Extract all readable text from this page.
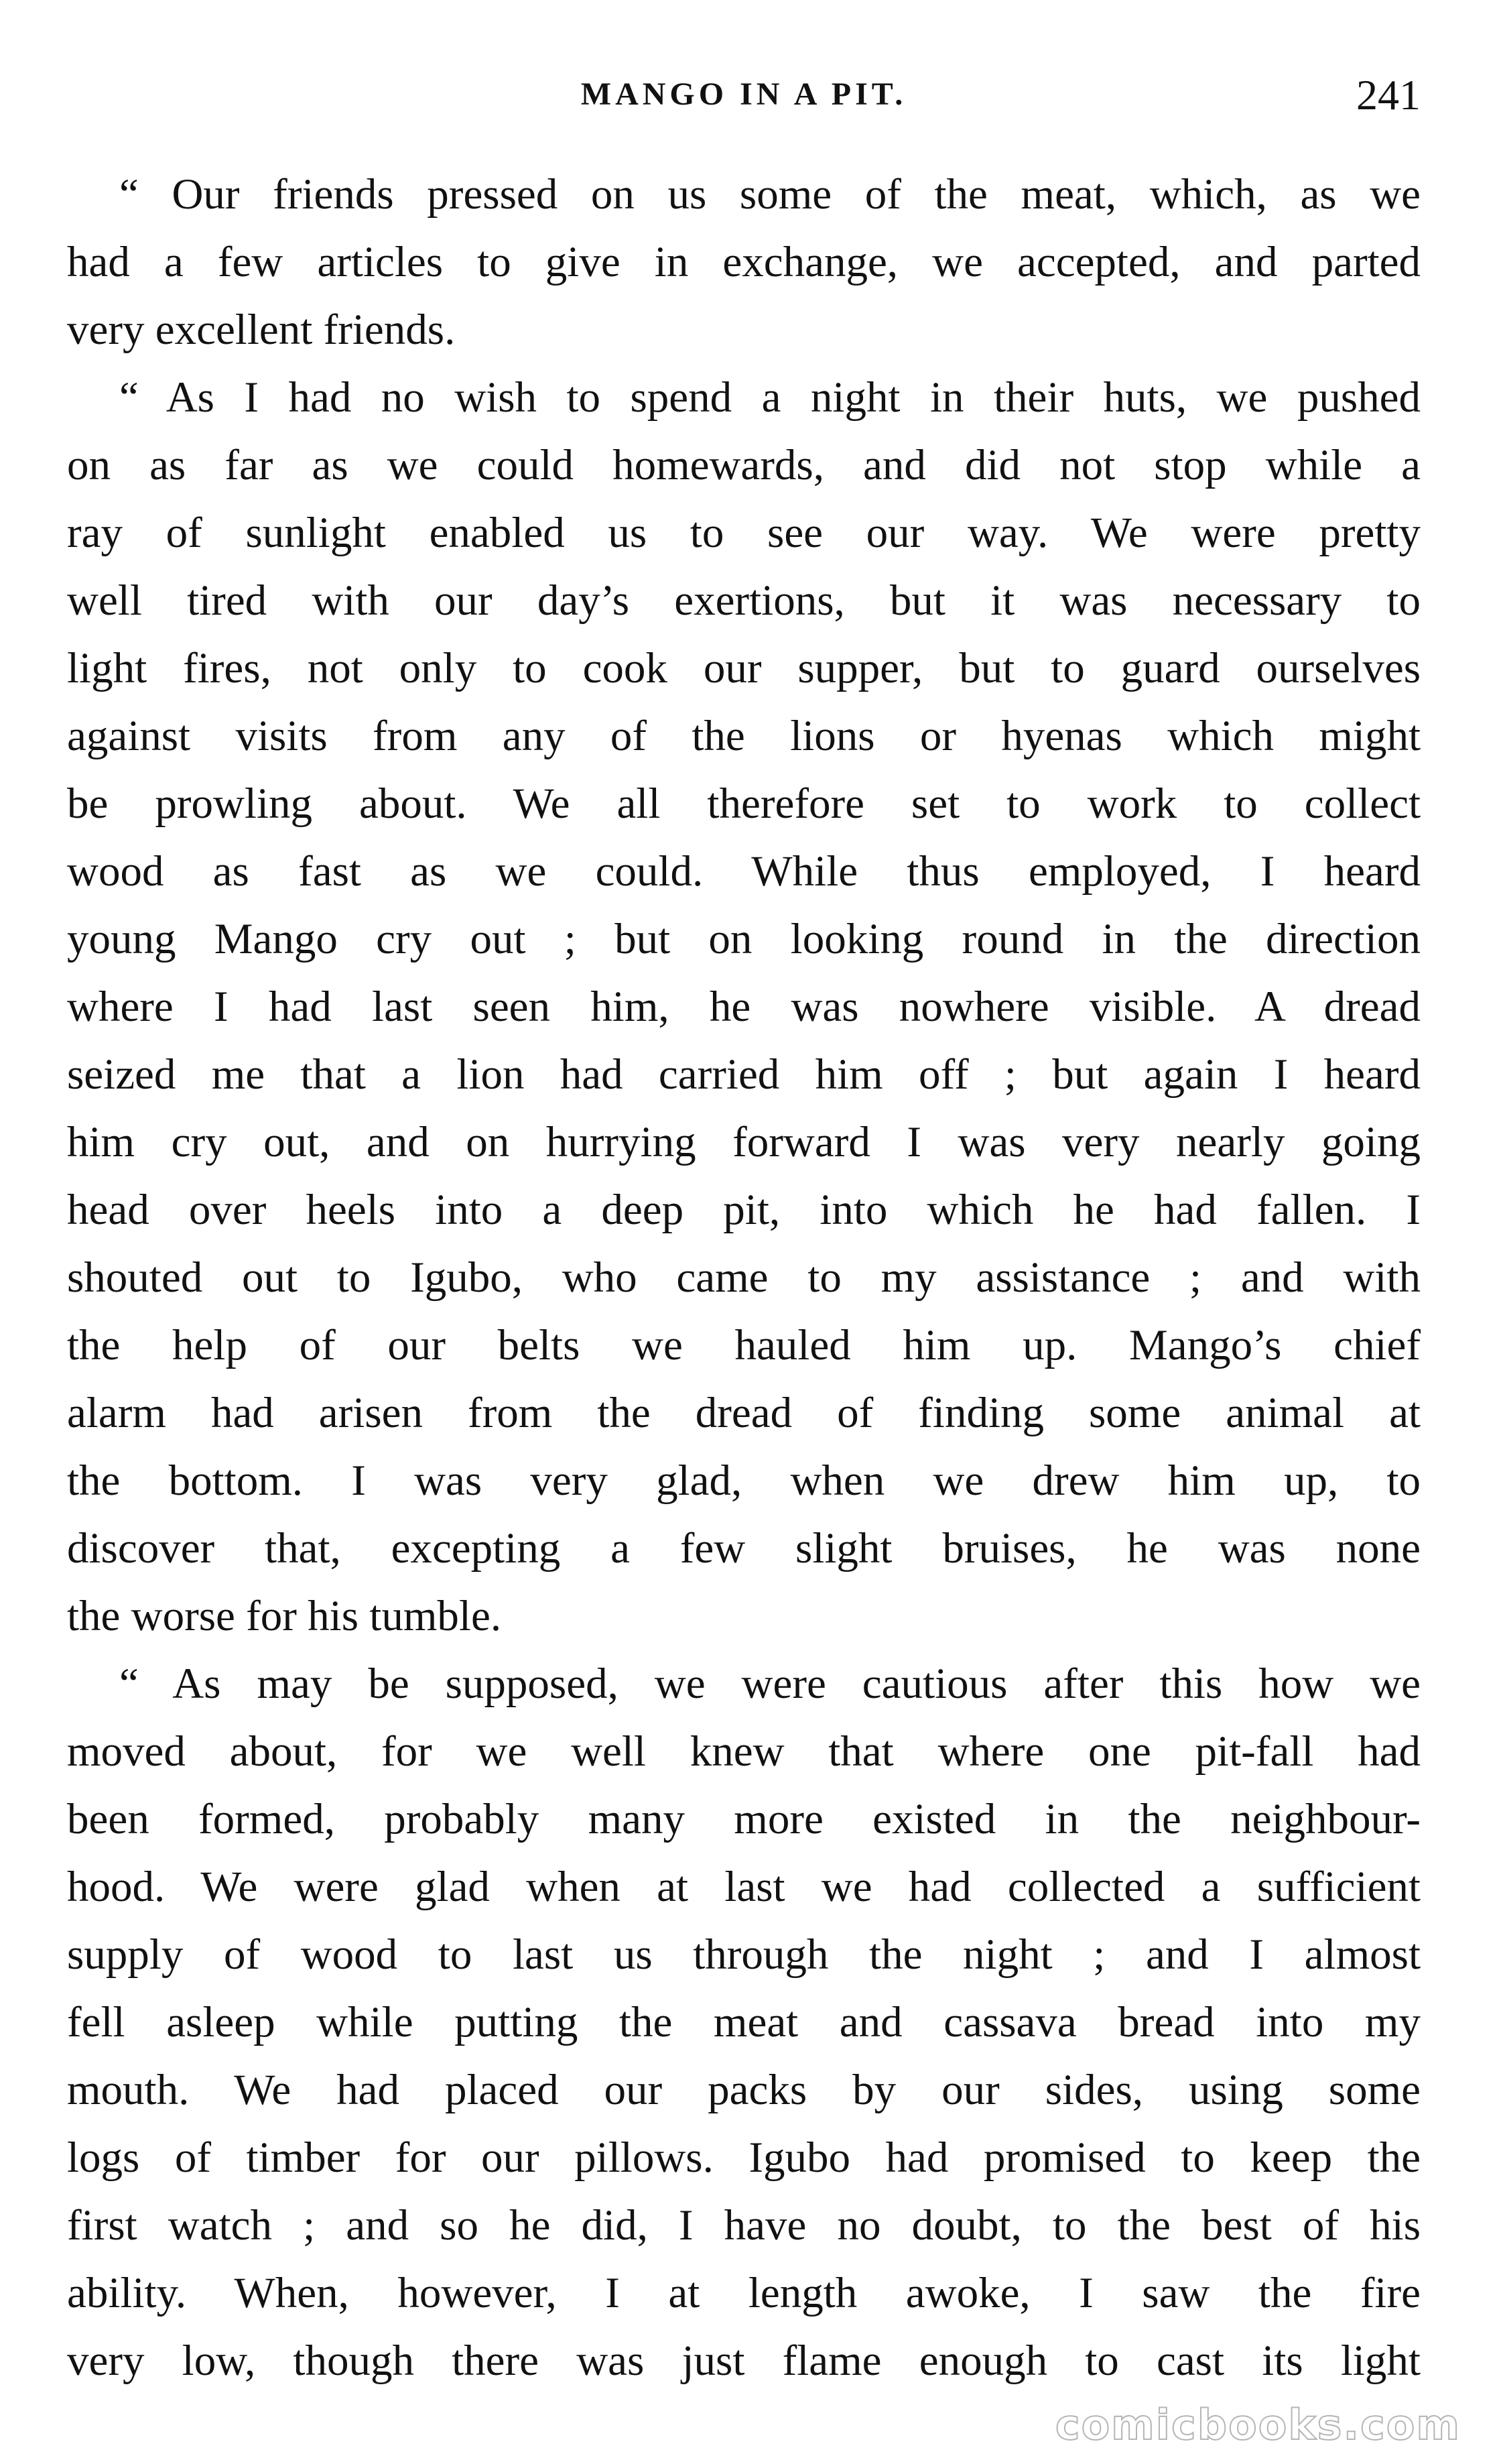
MANGO IN A PIT.	241
“ Our friends pressed on us some of the meat, which, as we
had a few articles to give in exchange, we accepted, and parted
very excellent friends.
“ As I had no wish to spend a night in their huts, we pushed
on as far as we could homewards, and did not stop while a
ray of sunlight enabled us to see our way. We were pretty
well tired with our day’s exertions, but it was necessary to
light fires, not only to cook our supper, but to guard ourselves
against visits from any of the lions or hyenas which might
be prowling about. We all therefore set to work to collect
wood as fast as we could. While thus employed, I heard
young Mango cry out ; but on looking round in the direction
where I had last seen him, he was nowhere visible. A dread
seized me that a lion had carried him off ; but again I heard
him cry out, and on hurrying forward I was very nearly going
head over heels into a deep pit, into which he had fallen. I
shouted out to Igubo, who came to my assistance ; and with
the help of our belts we hauled him up. Mango’s chief
alarm had arisen from the dread of finding some animal at
the bottom. I was very glad, when we drew him up, to
discover that, excepting a few slight bruises, he was none
the worse for his tumble.
“ As may be supposed, we were cautious after this how we
moved about, for we well knew that where one pit-fall had
been formed, probably many more existed in the neighbour-
hood. We were glad when at last we had collected a sufficient
supply of wood to last us through the night ; and I almost
fell asleep while putting the meat and cassava bread into my
mouth. We had placed our packs by our sides, using some
logs of timber for our pillows. Igubo had promised to keep the
first watch ; and so he did, I have no doubt, to the best of his
ability. When, however, I at length awoke, I saw the fire
very low, though there was just flame enough to cast its light
comicbooks.com
